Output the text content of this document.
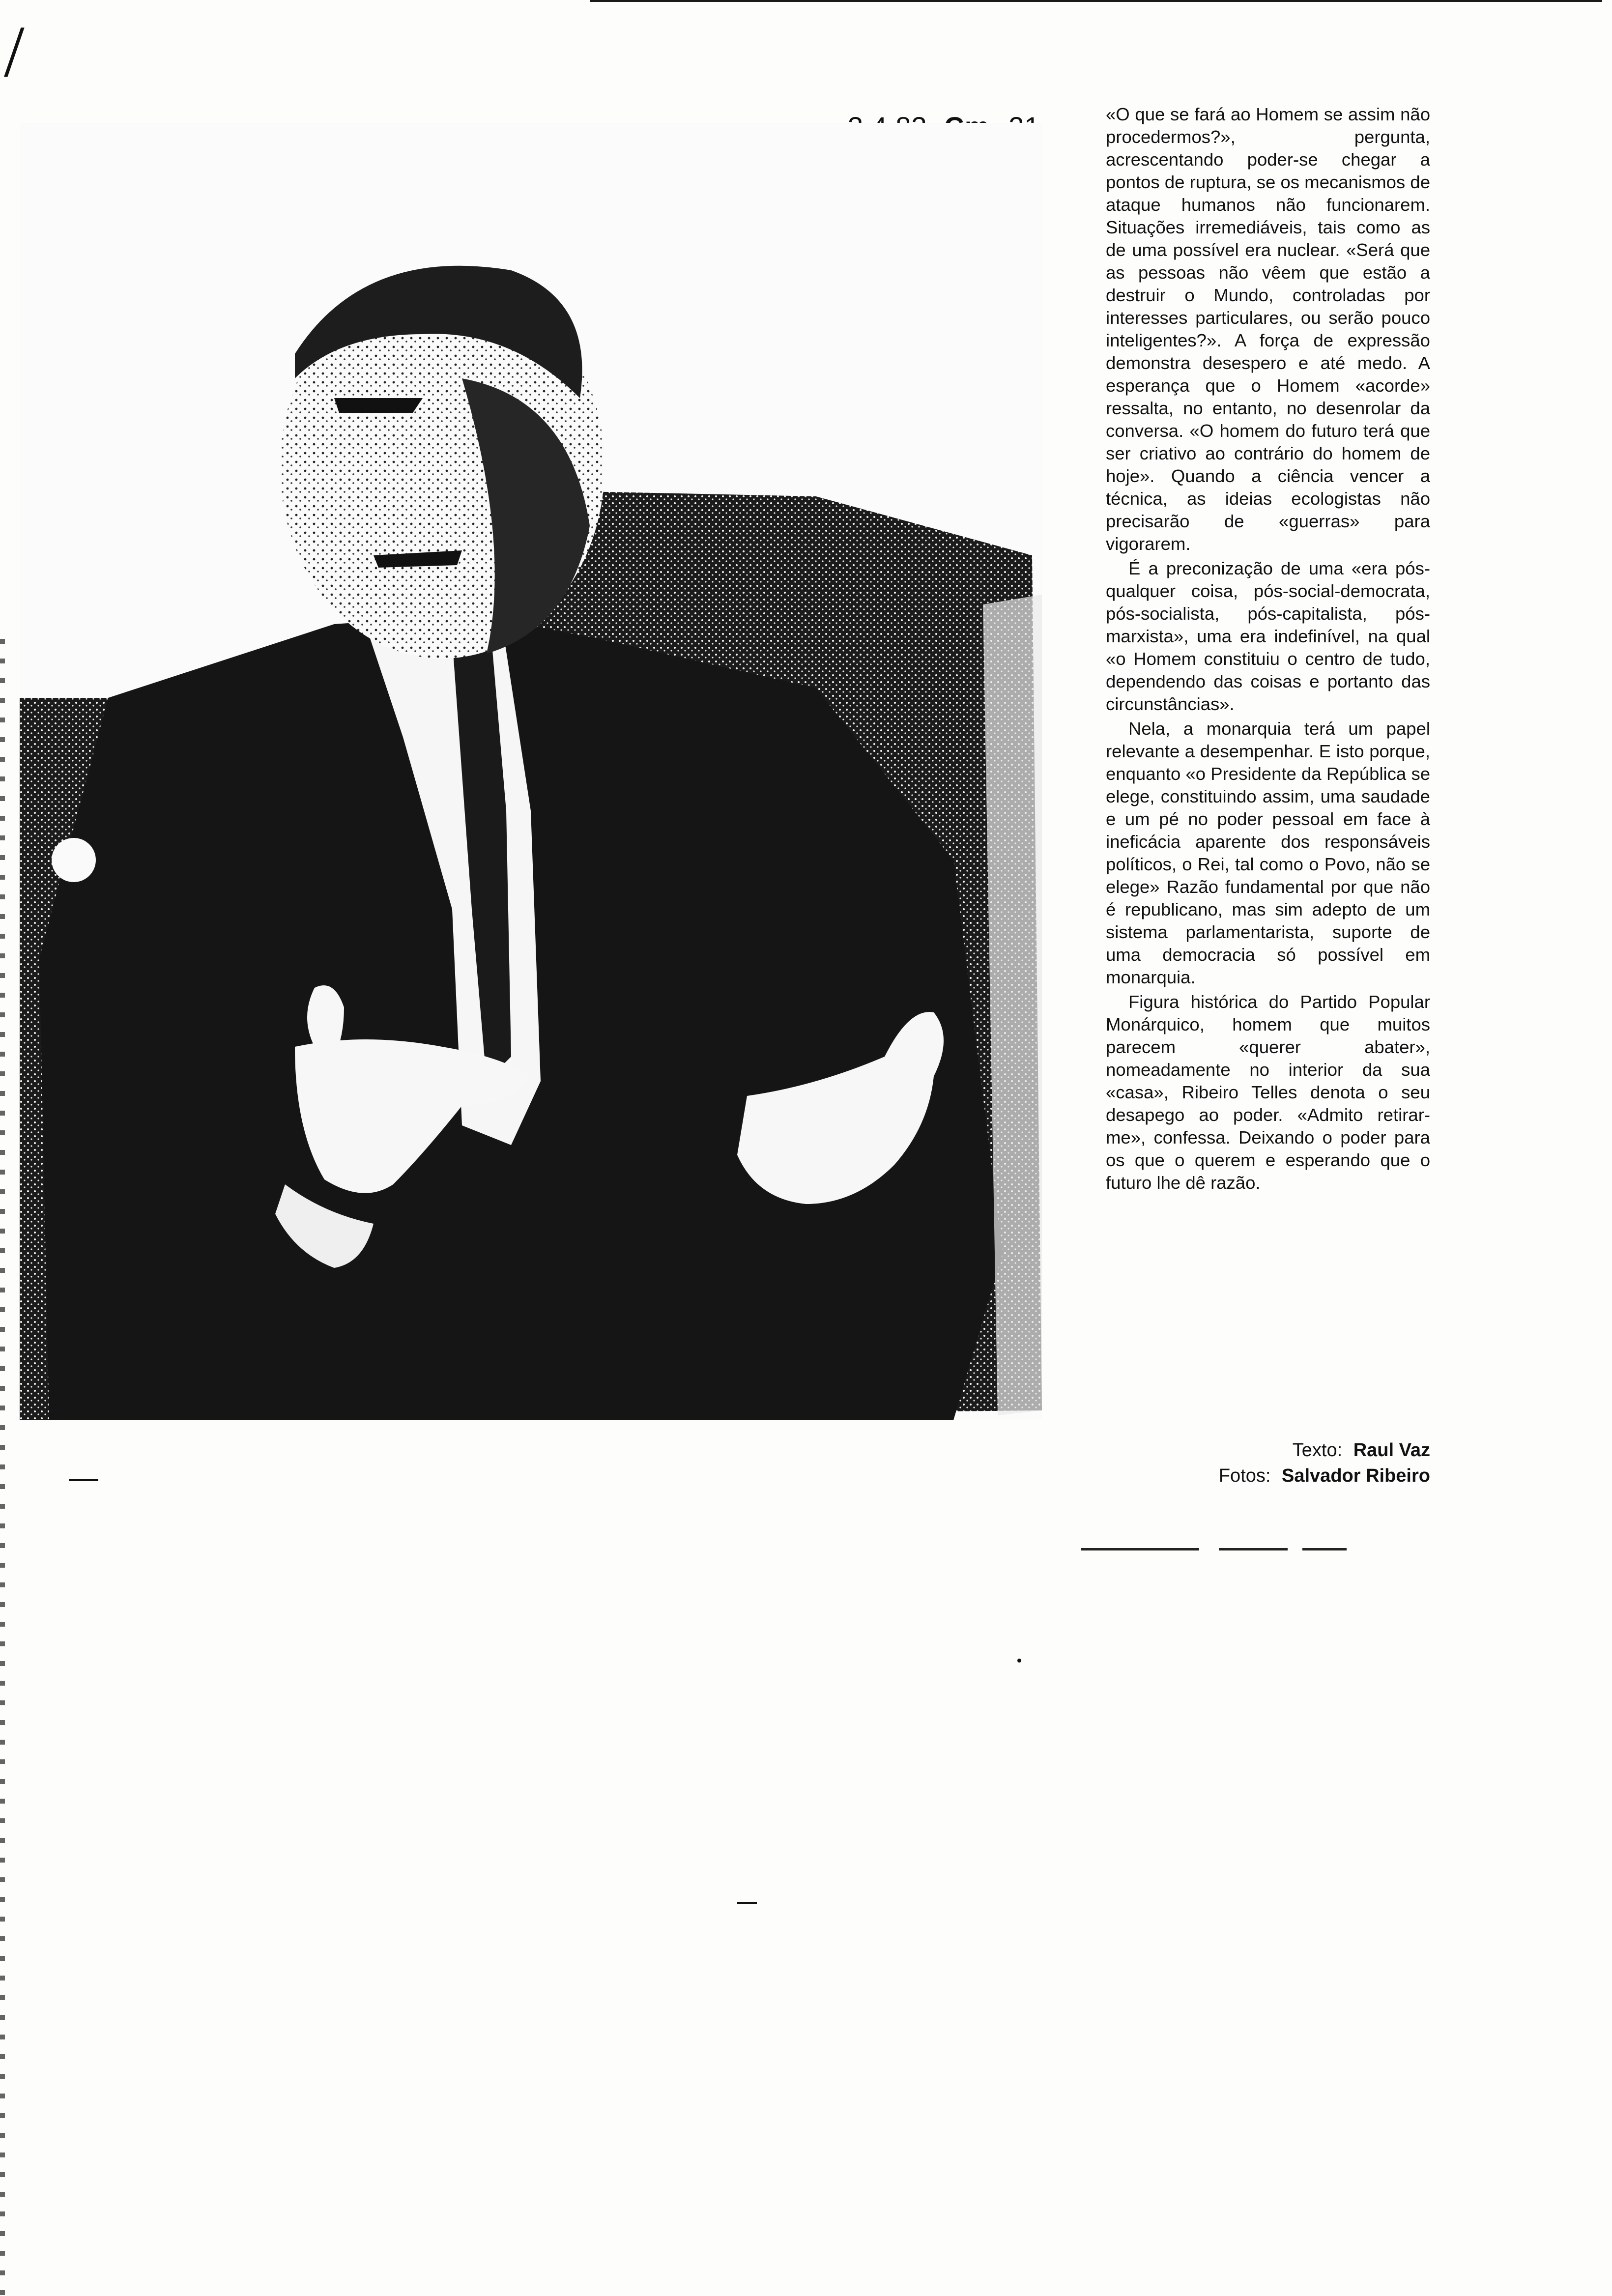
/

«O que se fará ao Homem se assim não procedermos?», pergunta, acrescentando poder-se chegar a pontos de ruptura, se os mecanismos de ataque humanos não funcionarem. Situações irremediáveis, tais como as de uma possível era nuclear. «Será que as pessoas não vêem que estão a destruir o Mundo, controladas por interesses particulares, ou serão pouco inteligentes?». A força de expressão demonstra desespero e até medo. A esperança que o Homem «acorde» ressalta, no entanto, no desenrolar da conversa. «O homem do futuro terá que ser criativo ao contrário do homem de hoje». Quando a ciência vencer a técnica, as ideias ecologistas não precisarão de «guerras» para vigorarem.

É a preconização de uma «era pós-qualquer coisa, pós-social-democrata, pós-socialista, pós-capitalista, pós-marxista», uma era indefinível, na qual «o Homem constituiu o centro de tudo, dependendo das coisas e portanto das circunstâncias».

Nela, a monarquia terá um papel relevante a desempenhar. E isto porque, enquanto «o Presidente da República se elege, constituindo assim, uma saudade e um pé no poder pessoal em face à ineficácia aparente dos responsáveis políticos, o Rei, tal como o Povo, não se elege» Razão fundamental por que não é republicano, mas sim adepto de um sistema parlamentarista, suporte de uma democracia só possível em monarquia.

Figura histórica do Partido Popular Monárquico, homem que muitos parecem «querer abater», nomeadamente no interior da sua «casa», Ribeiro Telles denota o seu desapego ao poder. «Admito retirar-me», confessa. Deixando o poder para os que o querem e esperando que o futuro lhe dê razão.

Texto: Raul Vaz
Fotos: Salvador Ribeiro
